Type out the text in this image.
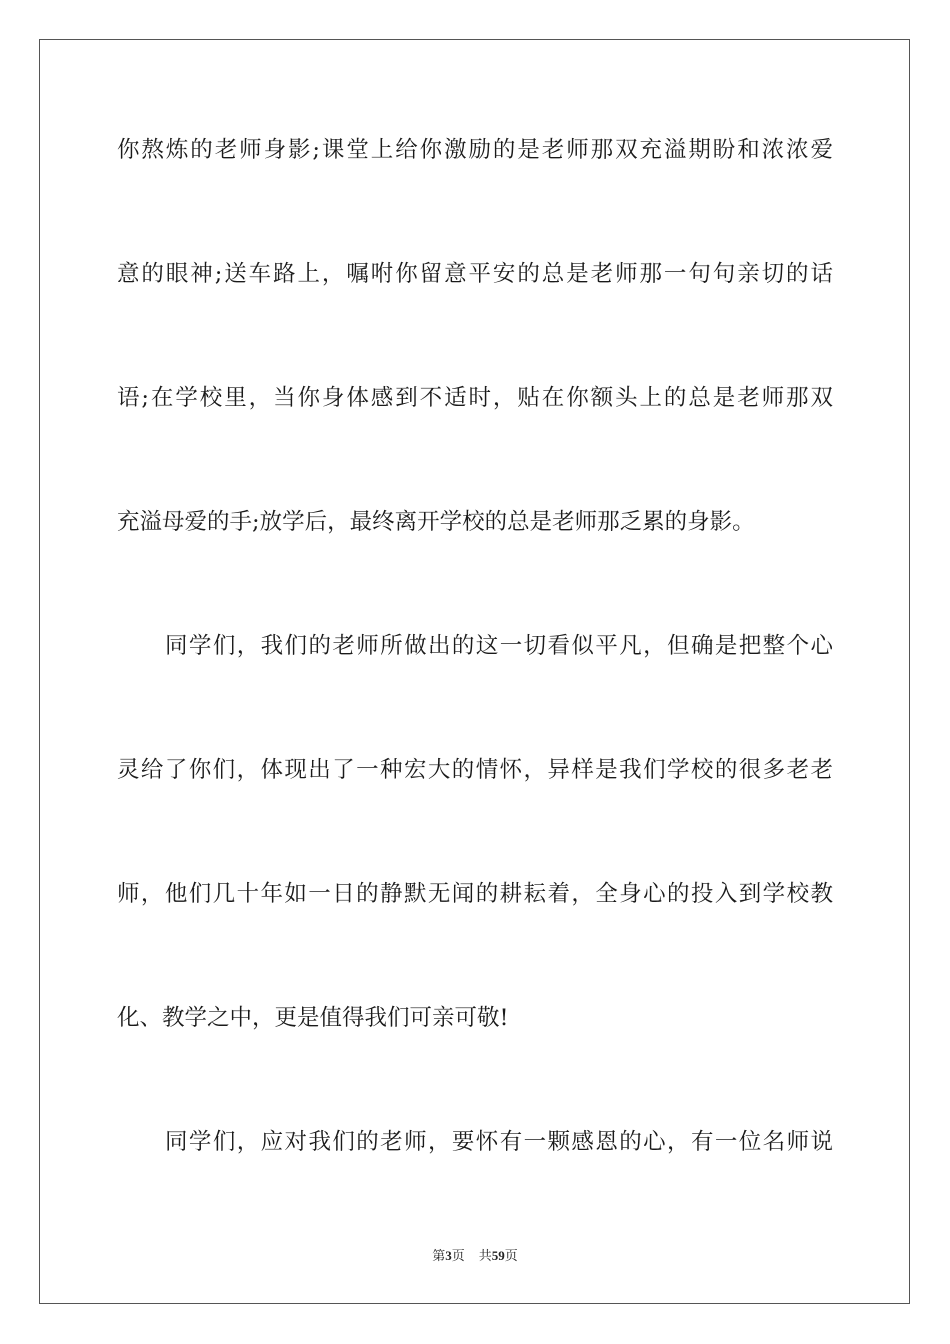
你熬炼的老师身影;课堂上给你激励的是老师那双充溢期盼和浓浓爱
意的眼神;送车路上，嘱咐你留意平安的总是老师那一句句亲切的话
语;在学校里，当你身体感到不适时，贴在你额头上的总是老师那双
充溢母爱的手;放学后，最终离开学校的总是老师那乏累的身影。
同学们，我们的老师所做出的这一切看似平凡，但确是把整个心
灵给了你们，体现出了一种宏大的情怀，异样是我们学校的很多老老
师，他们几十年如一日的静默无闻的耕耘着，全身心的投入到学校教
化、教学之中，更是值得我们可亲可敬!
同学们，应对我们的老师，要怀有一颗感恩的心，有一位名师说
第3页 共59页
